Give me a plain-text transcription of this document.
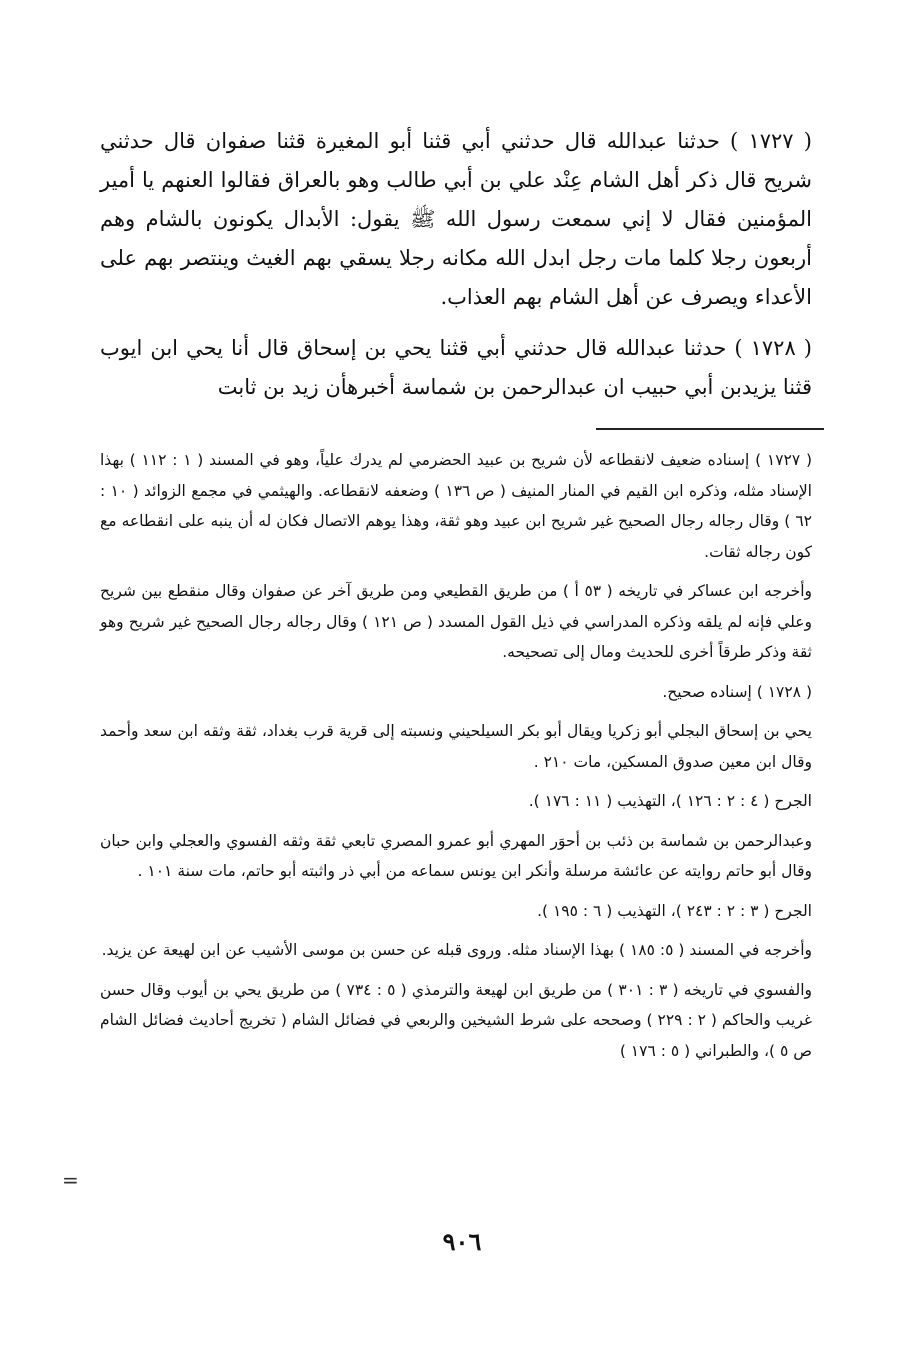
( ١٧٢٧ ) حدثنا عبدالله قال حدثني أبي قثنا أبو المغيرة قثنا صفوان قال حدثني شريح قال ذكر أهل الشام عِنْد علي بن أبي طالب وهو بالعراق فقالوا العنهم يا أمير المؤمنين فقال لا إني سمعت رسول الله ﷺ يقول: الأبدال يكونون بالشام وهم أربعون رجلا كلما مات رجل ابدل الله مكانه رجلا يسقي بهم الغيث وينتصر بهم على الأعداء ويصرف عن أهل الشام بهم العذاب.

( ١٧٢٨ ) حدثنا عبدالله قال حدثني أبي قثنا يحي بن إسحاق قال أنا يحي ابن ايوب قثنا يزيدبن أبي حبيب ان عبدالرحمن بن شماسة أخبرهأن زيد بن ثابت

( ١٧٢٧ ) إسناده ضعيف لانقطاعه لأن شريح بن عبيد الحضرمي لم يدرك علياً، وهو في المسند ( ١ : ١١٢ ) بهذا الإسناد مثله، وذكره ابن القيم في المنار المنيف ( ص ١٣٦ ) وضعفه لانقطاعه. والهيثمي في مجمع الزوائد ( ١٠ : ٦٢ ) وقال رجاله رجال الصحيح غير شريح ابن عبيد وهو ثقة، وهذا يوهم الاتصال فكان له أن ينبه على انقطاعه مع كون رجاله ثقات.

وأخرجه ابن عساكر في تاريخه ( ٥٣ أ ) من طريق القطيعي ومن طريق آخر عن صفوان وقال منقطع بين شريح وعلي فإنه لم يلقه وذكره المدراسي في ذيل القول المسدد ( ص ١٢١ ) وقال رجاله رجال الصحيح غير شريح وهو ثقة وذكر طرقاً أخرى للحديث ومال إلى تصحيحه.

( ١٧٢٨ ) إسناده صحيح.

يحي بن إسحاق البجلي أبو زكريا ويقال أبو بكر السيلحيني ونسبته إلى قرية قرب بغداد، ثقة وثقه ابن سعد وأحمد وقال ابن معين صدوق المسكين، مات ٢١٠ .

الجرح ( ٤ : ٢ : ١٢٦ )، التهذيب ( ١١ : ١٧٦ ).

وعبدالرحمن بن شماسة بن ذئب بن أحوَر المهري أبو عمرو المصري تابعي ثقة وثقه الفسوي والعجلي وابن حبان وقال أبو حاتم روايته عن عائشة مرسلة وأنكر ابن يونس سماعه من أبي ذر واثبته أبو حاتم، مات سنة ١٠١ .

الجرح ( ٣ : ٢ : ٢٤٣ )، التهذيب ( ٦ : ١٩٥ ).

وأخرجه في المسند ( ٥: ١٨٥ ) بهذا الإسناد مثله. وروى قبله عن حسن بن موسى الأشيب عن ابن لهيعة عن يزيد.

والفسوي في تاريخه ( ٣ : ٣٠١ ) من طريق ابن لهيعة والترمذي ( ٥ : ٧٣٤ ) من طريق يحي بن أيوب وقال حسن غريب والحاكم ( ٢ : ٢٢٩ ) وصححه على شرط الشيخين والربعي في فضائل الشام ( تخريج أحاديث فضائل الشام ص ٥ )، والطبراني ( ٥ : ١٧٦ )

=
٩٠٦
